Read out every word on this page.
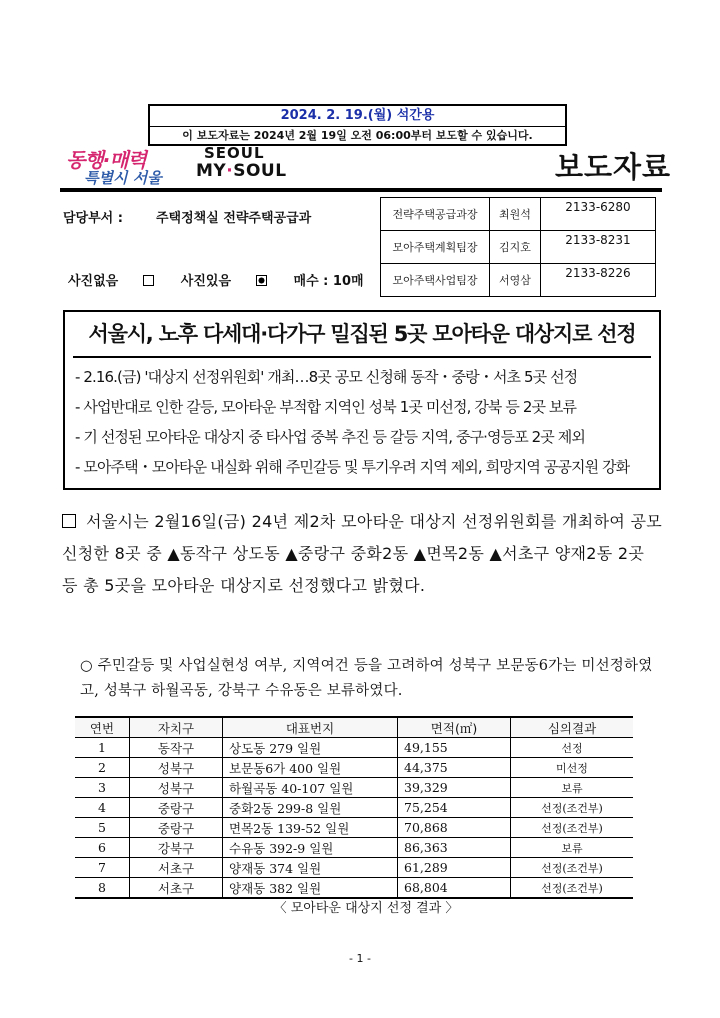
2024. 2. 19.(월) 석간용
이 보도자료는 2024년 2월 19일 오전 06:00부터 보도할 수 있습니다.
동행·매력
특별시 서울
SEOUL
MY·SOUL	보도자료
담당부서 :	주택정책실 전략주택공급과
사진없음	사진있음	매수 : 10매
전략주택공급과장	최원석	2133-6280
모아주택계획팀장	김지호	2133-8231
모아주택사업팀장	서영삼	2133-8226
서울시, 노후 다세대·다가구 밀집된 5곳 모아타운 대상지로 선정
- 2.16.(금) '대상지 선정위원회' 개최…8곳 공모 신청해 동작・중랑・서초 5곳 선정
- 사업반대로 인한 갈등, 모아타운 부적합 지역인 성북 1곳 미선정, 강북 등 2곳 보류
- 기 선정된 모아타운 대상지 중 타사업 중복 추진 등 갈등 지역, 중구·영등포 2곳 제외
- 모아주택・모아타운 내실화 위해 주민갈등 및 투기우려 지역 제외, 희망지역 공공지원 강화
서울시는 2월16일(금) 24년 제2차 모아타운 대상지 선정위원회를 개최하여 공모 신청한 8곳 중 ▲동작구 상도동 ▲중랑구 중화2동 ▲면목2동 ▲서초구 양재2동 2곳 등 총 5곳을 모아타운 대상지로 선정했다고 밝혔다.
○ 주민갈등 및 사업실현성 여부, 지역여건 등을 고려하여 성북구 보문동6가는 미선정하였고, 성북구 하월곡동, 강북구 수유동은 보류하였다.
연번	자치구	대표번지	면적(㎡)	심의결과
1	동작구	상도동 279 일원	49,155	선정
2	성북구	보문동6가 400 일원	44,375	미선정
3	성북구	하월곡동 40-107 일원	39,329	보류
4	중랑구	중화2동 299-8 일원	75,254	선정(조건부)
5	중랑구	면목2동 139-52 일원	70,868	선정(조건부)
6	강북구	수유동 392-9 일원	86,363	보류
7	서초구	양재동 374 일원	61,289	선정(조건부)
8	서초구	양재동 382 일원	68,804	선정(조건부)
〈 모아타운 대상지 선정 결과 〉
- 1 -
